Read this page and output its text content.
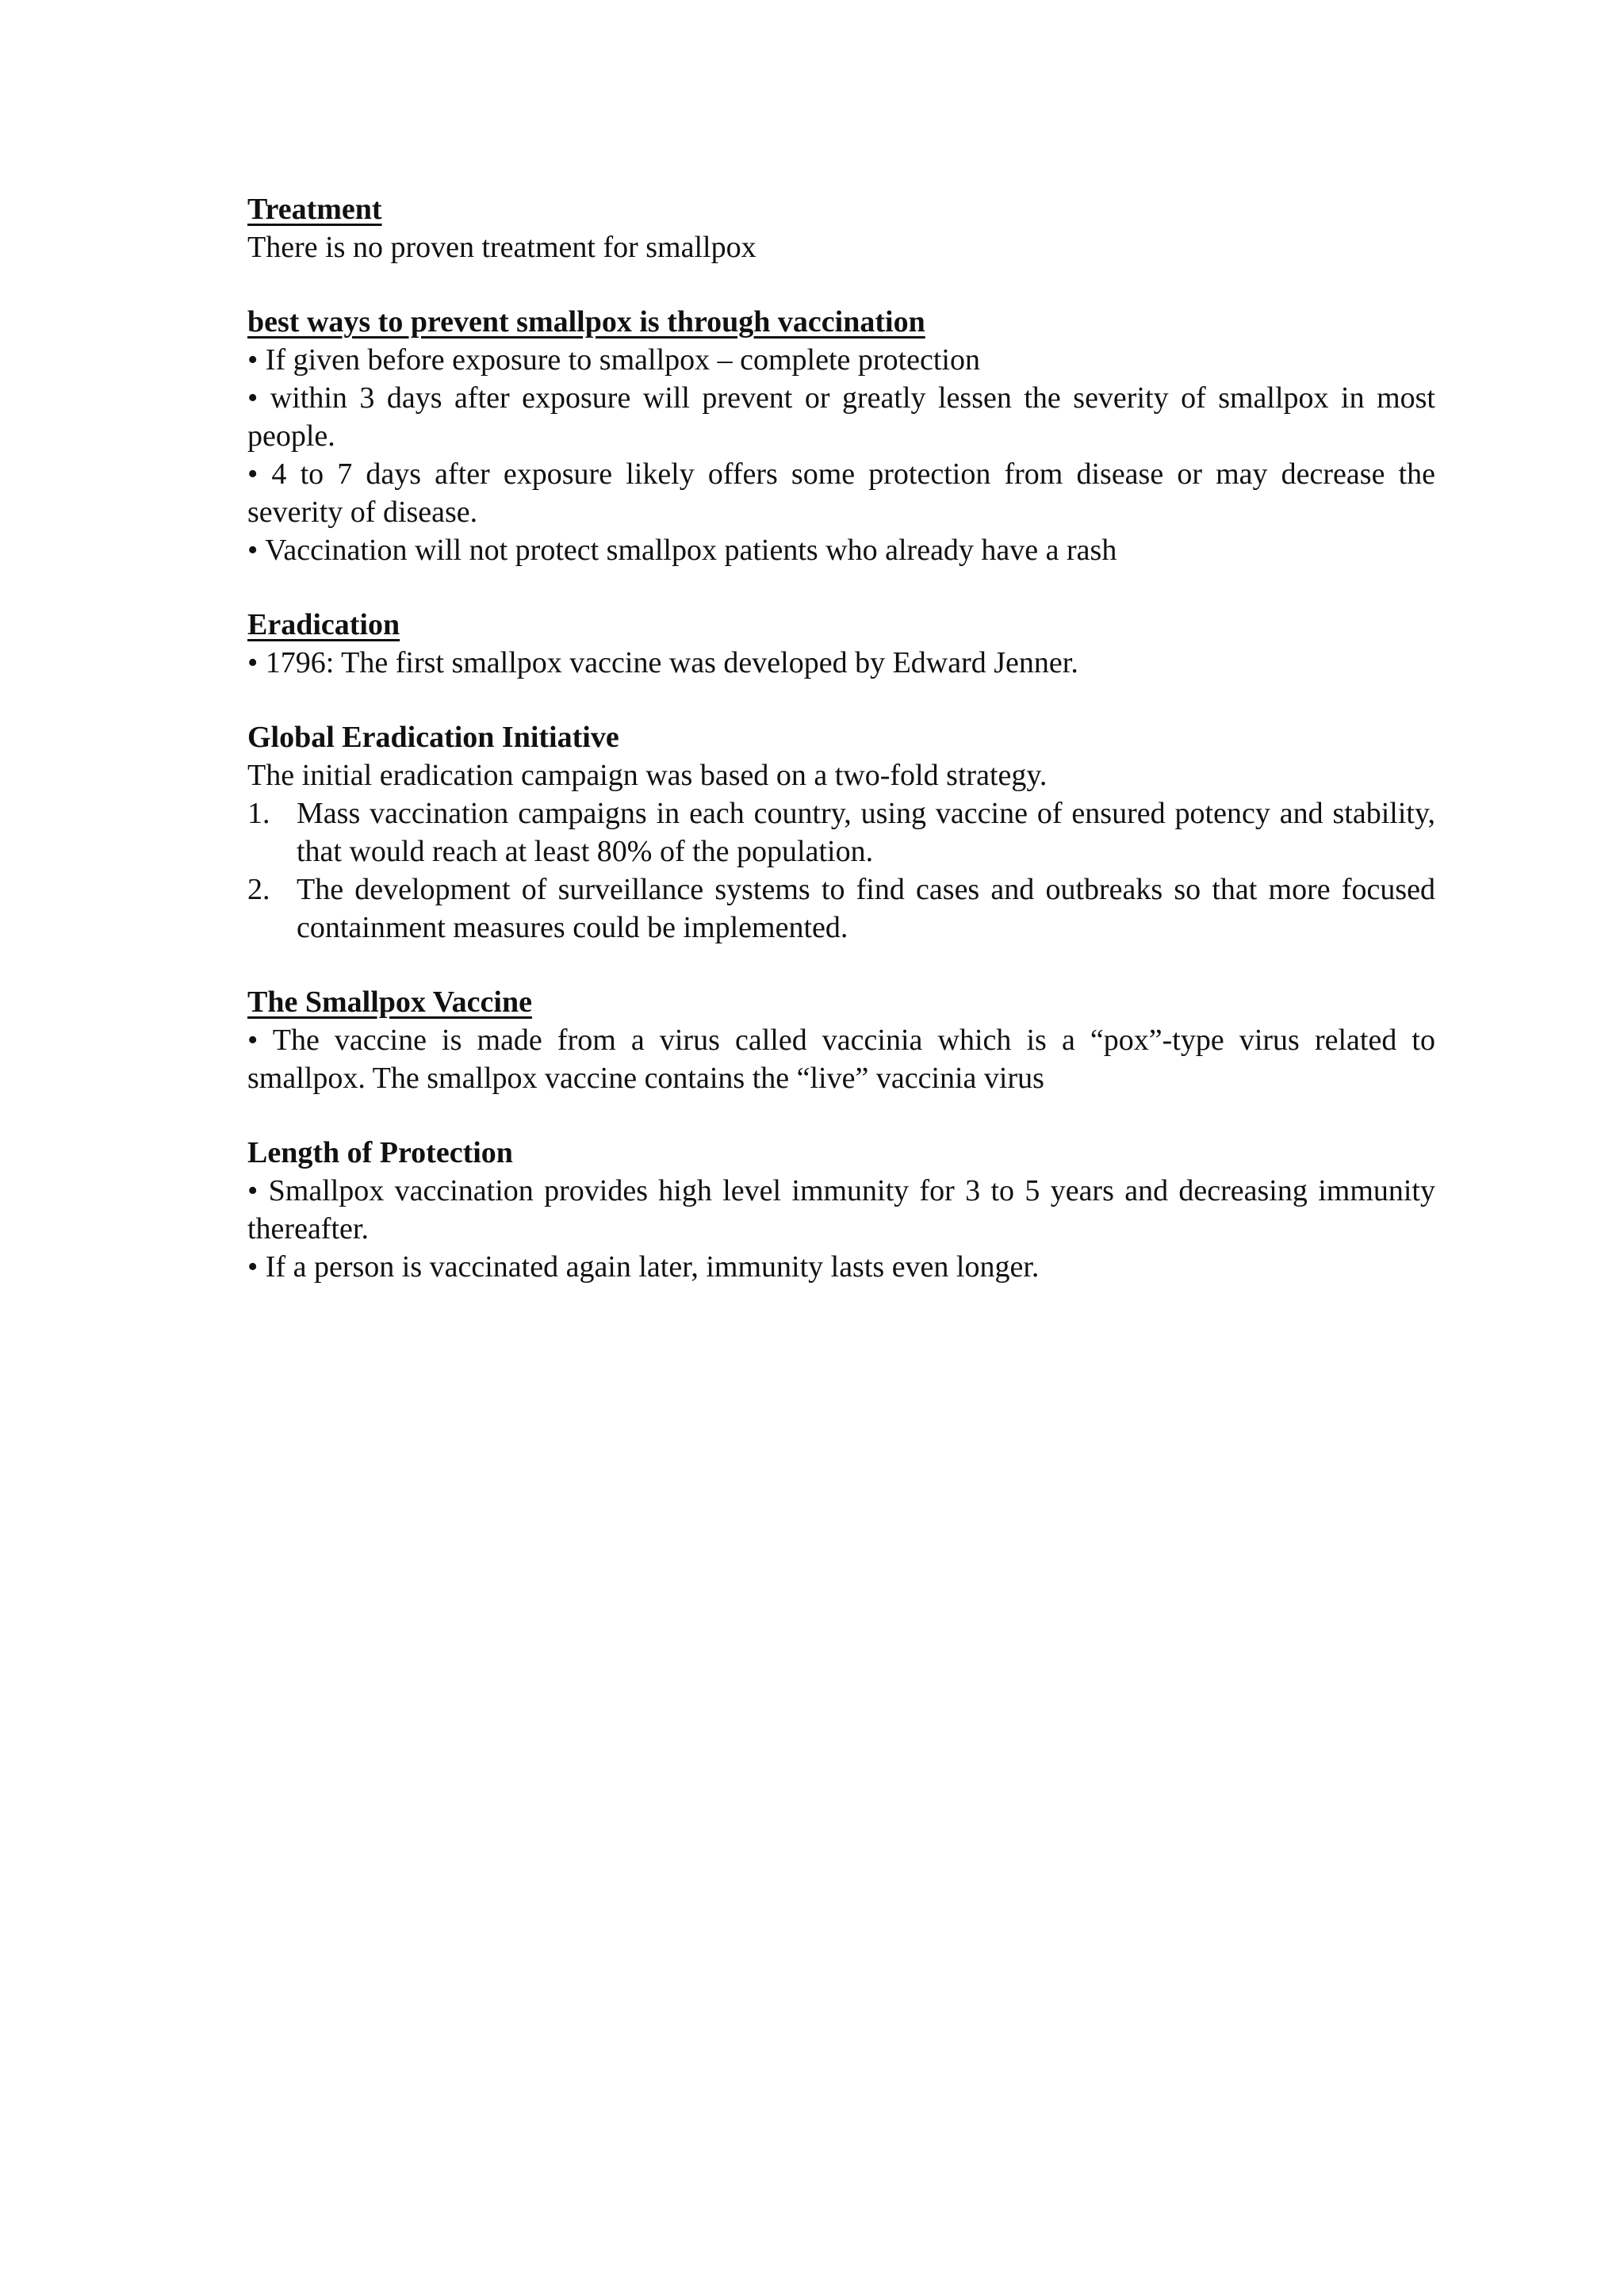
Treatment
There is no proven treatment for smallpox
best ways to prevent smallpox is through vaccination
• If given before exposure to smallpox – complete protection
• within 3 days after exposure will prevent or greatly lessen the severity of smallpox in most people.
• 4 to 7 days after exposure likely offers some protection from disease or may decrease the severity of disease.
• Vaccination will not protect smallpox patients who already have a rash
Eradication
• 1796: The first smallpox vaccine was developed by Edward Jenner.
Global Eradication Initiative
The initial eradication campaign was based on a two-fold strategy.
1. Mass vaccination campaigns in each country, using vaccine of ensured potency and stability, that would reach at least 80% of the population.
2. The development of surveillance systems to find cases and outbreaks so that more focused containment measures could be implemented.
The Smallpox Vaccine
• The vaccine is made from a virus called vaccinia which is a “pox”-type virus related to smallpox. The smallpox vaccine contains the “live” vaccinia virus
Length of Protection
• Smallpox vaccination provides high level immunity for 3 to 5 years and decreasing immunity thereafter.
• If a person is vaccinated again later, immunity lasts even longer.
